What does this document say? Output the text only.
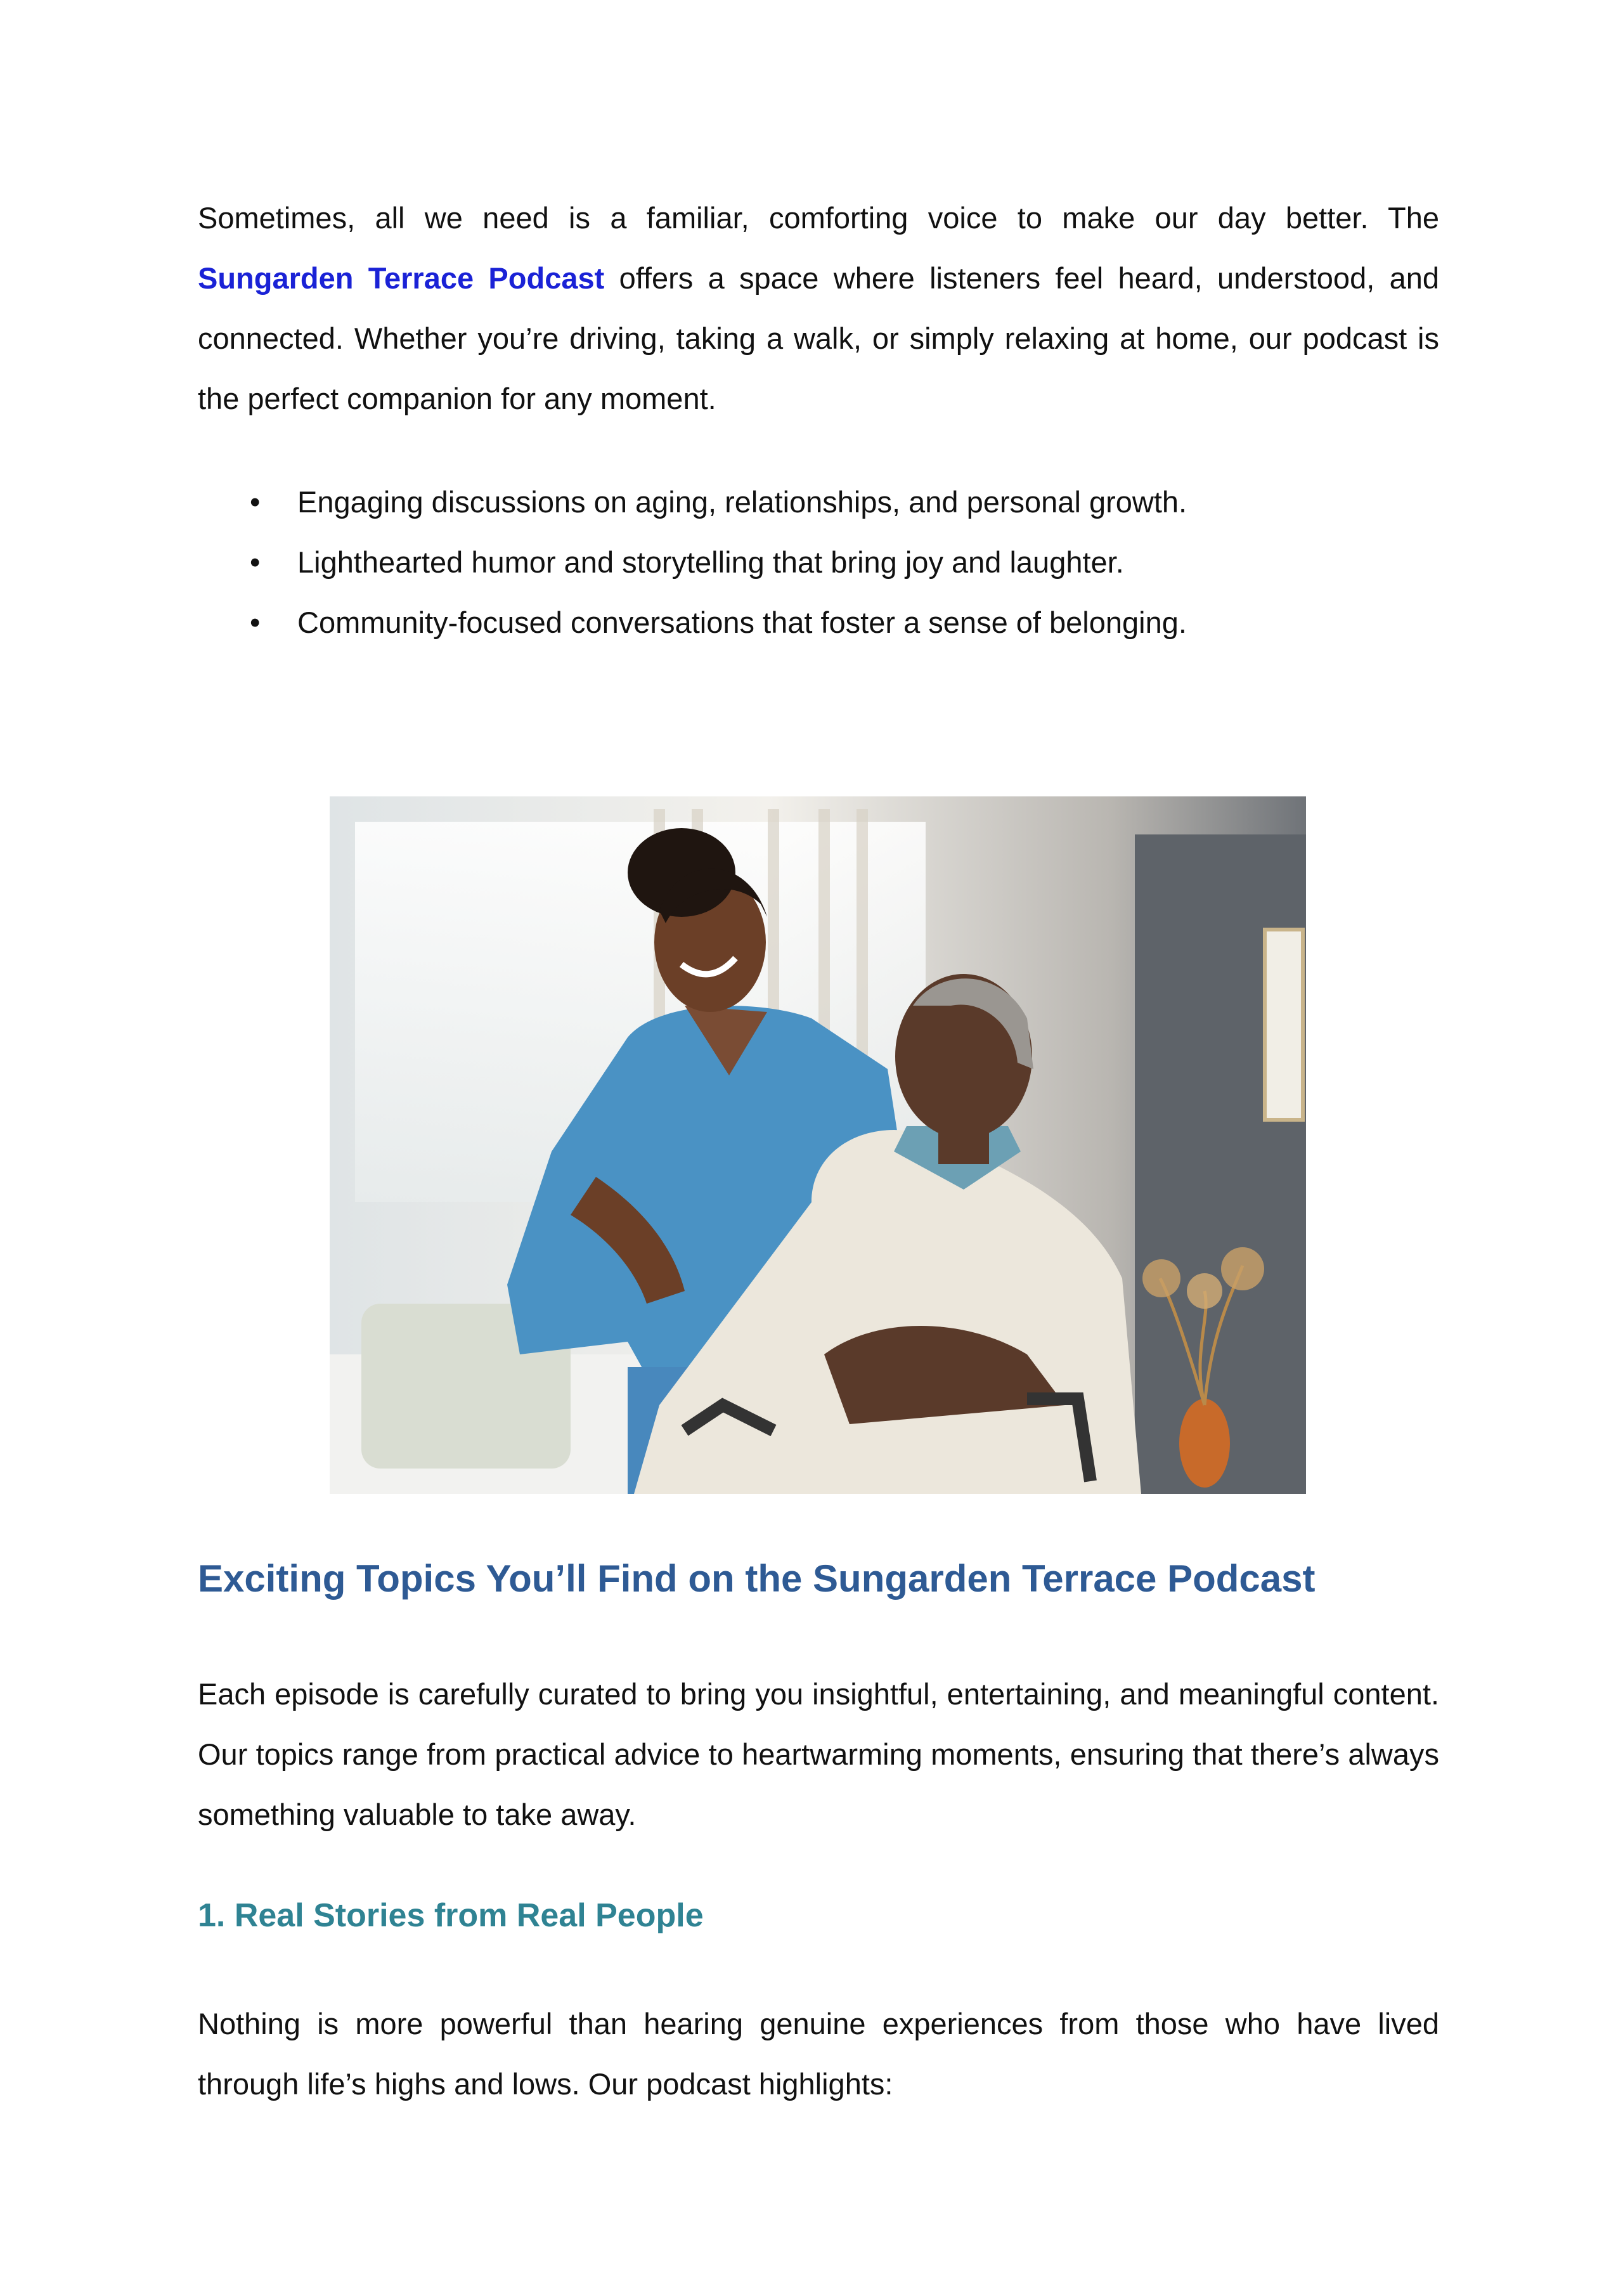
Sometimes, all we need is a familiar, comforting voice to make our day better. The Sungarden Terrace Podcast offers a space where listeners feel heard, understood, and connected. Whether you’re driving, taking a walk, or simply relaxing at home, our podcast is the perfect companion for any moment.

• Engaging discussions on aging, relationships, and personal growth.
• Lighthearted humor and storytelling that bring joy and laughter.
• Community-focused conversations that foster a sense of belonging.
Exciting Topics You’ll Find on the Sungarden Terrace Podcast

Each episode is carefully curated to bring you insightful, entertaining, and meaningful content. Our topics range from practical advice to heartwarming moments, ensuring that there’s always something valuable to take away.

1. Real Stories from Real People

Nothing is more powerful than hearing genuine experiences from those who have lived through life’s highs and lows. Our podcast highlights:
